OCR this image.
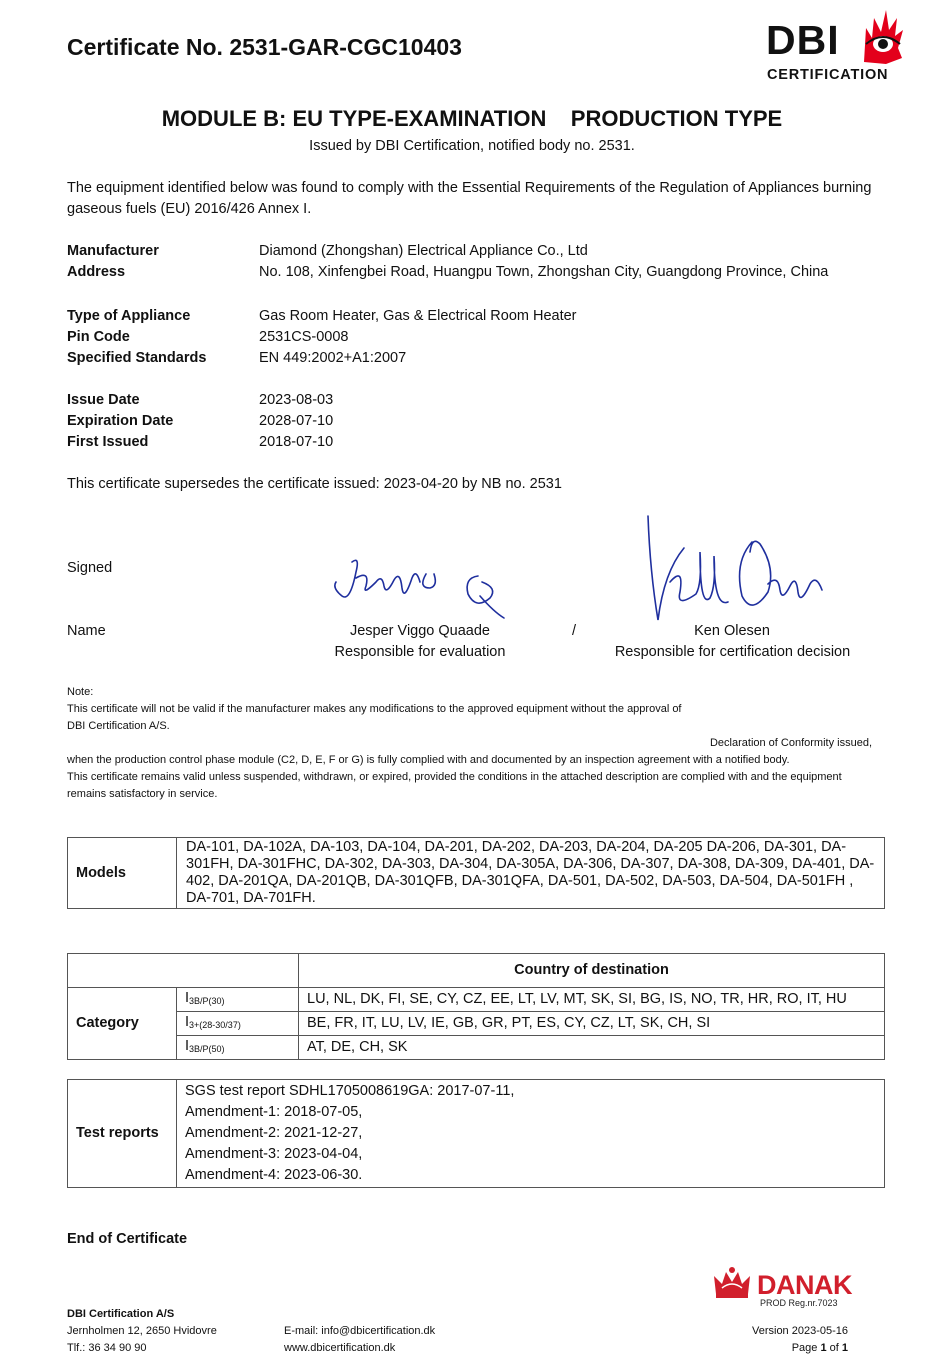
Certificate No. 2531-GAR-CGC10403	DBI
CERTIFICATION
MODULE B: EU TYPE-EXAMINATION    PRODUCTION TYPE
Issued by DBI Certification, notified body no. 2531.
The equipment identified below was found to comply with the Essential Requirements of the Regulation of Appliances burning gaseous fuels (EU) 2016/426 Annex I.
Manufacturer	Diamond (Zhongshan) Electrical Appliance Co., Ltd
Address	No. 108, Xinfengbei Road, Huangpu Town, Zhongshan City, Guangdong Province, China
Type of Appliance	Gas Room Heater, Gas & Electrical Room Heater
Pin Code	2531CS-0008
Specified Standards	EN 449:2002+A1:2007
Issue Date	2023-08-03
Expiration Date	2028-07-10
First Issued	2018-07-10
This certificate supersedes the certificate issued: 2023-04-20 by NB no. 2531
Signed
Name	Jesper Viggo Quaade
Responsible for evaluation
/	Ken Olesen
Responsible for certification decision
Note:
This certificate will not be valid if the manufacturer makes any modifications to the approved equipment without the approval of
DBI Certification A/S.
Declaration of Conformity issued,
when the production control phase module (C2, D, E, F or G) is fully complied with and documented by an inspection agreement with a notified body.
This certificate remains valid unless suspended, withdrawn, or expired, provided the conditions in the attached description are complied with and the equipment remains satisfactory in service.
Models	DA-101, DA-102A, DA-103, DA-104, DA-201, DA-202, DA-203, DA-204, DA-205 DA-206, DA-301, DA-301FH, DA-301FHC, DA-302, DA-303, DA-304, DA-305A, DA-306, DA-307, DA-308, DA-309, DA-401, DA-402, DA-201QA, DA-201QB, DA-301QFB, DA-301QFA, DA-501, DA-502, DA-503, DA-504, DA-501FH , DA-701, DA-701FH.
		Country of destination
Category	$I_{3B/P(30)}$	LU, NL, DK, FI, SE, CY, CZ, EE, LT, LV, MT, SK, SI, BG, IS, NO, TR, HR, RO, IT, HU
	$I_{3+(28-30/37)}$	BE, FR, IT, LU, LV, IE, GB, GR, PT, ES, CY, CZ, LT, SK, CH, SI
	$I_{3B/P(50)}$	AT, DE, CH, SK
Test reports	
SGS test report SDHL1705008619GA: 2017-07-11,
Amendment-1: 2018-07-05,
Amendment-2: 2021-12-27,
Amendment-3: 2023-04-04,
Amendment-4: 2023-06-30.
End of Certificate
DANAK
PROD Reg.nr.7023
DBI Certification A/S
Jernholmen 12, 2650 Hvidovre
Tlf.: 36 34 90 90
E-mail: info@dbicertification.dk
www.dbicertification.dk
Version 2023-05-16
Page 1 of 1
